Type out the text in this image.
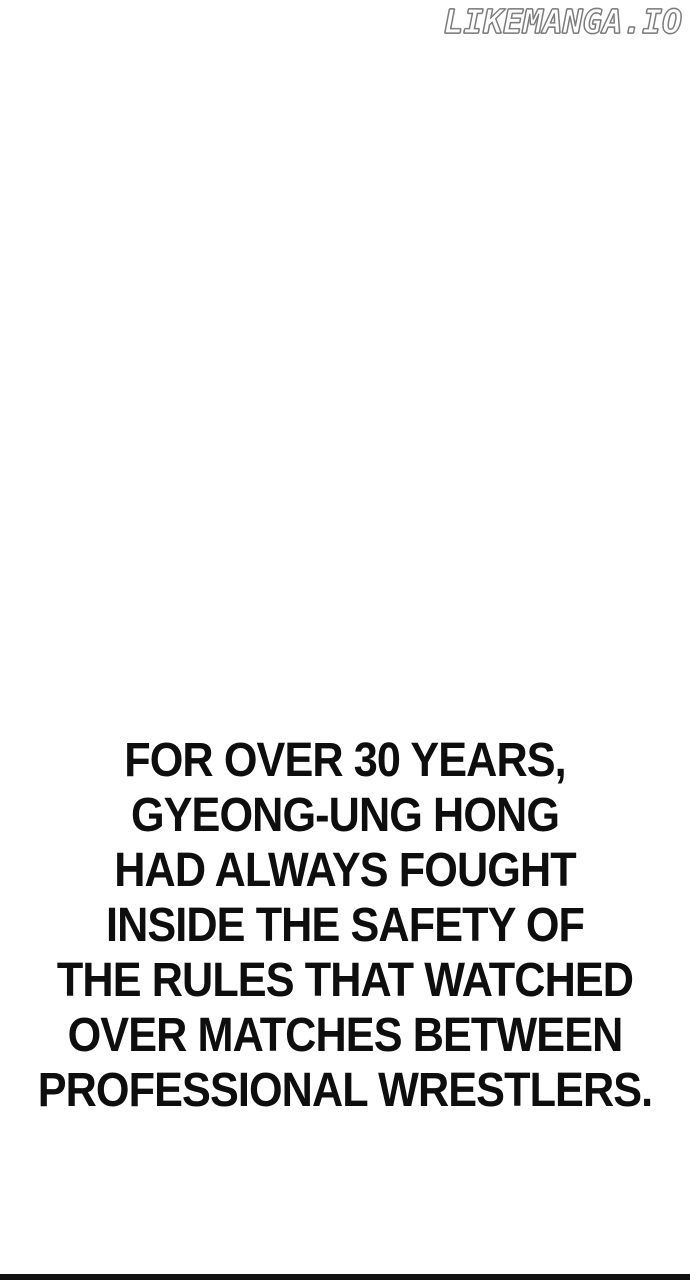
LIKEMANGA.IO
FOR OVER 30 YEARS,
GYEONG-UNG HONG
HAD ALWAYS FOUGHT
INSIDE THE SAFETY OF
THE RULES THAT WATCHED
OVER MATCHES BETWEEN
PROFESSIONAL WRESTLERS.
